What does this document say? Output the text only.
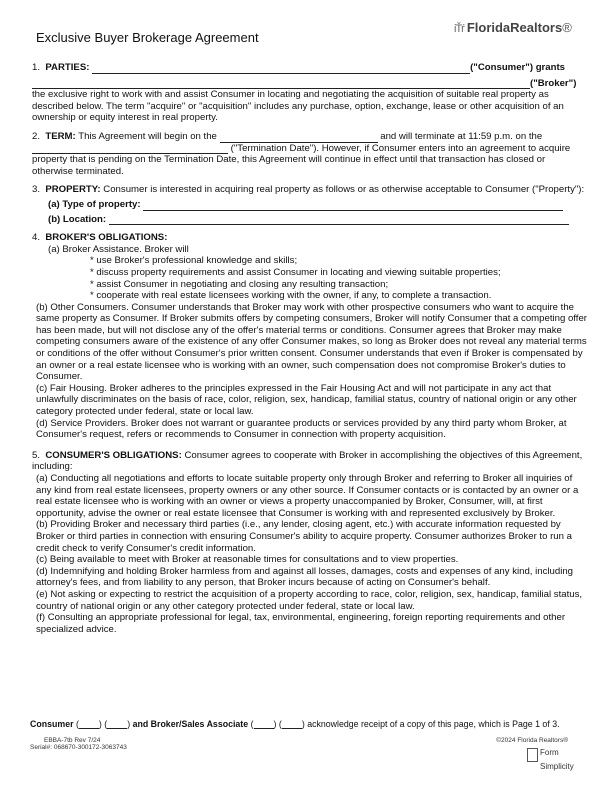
Exclusive Buyer Brokerage Agreement
iŤŕ FloridaRealtors®
1. PARTIES:	("Consumer") grants
("Broker")
the exclusive right to work with and assist Consumer in locating and negotiating the acquisition of suitable real property as described below. The term "acquire" or "acquisition" includes any purchase, option, exchange, lease or other acquisition of an ownership or equity interest in real property.
2. TERM: This Agreement will begin on the	and will terminate at 11:59 p.m. on the
("Termination Date"). However, if Consumer enters into an agreement to acquire
property that is pending on the Termination Date, this Agreement will continue in effect until that transaction has closed or otherwise terminated.
3. PROPERTY: Consumer is interested in acquiring real property as follows or as otherwise acceptable to Consumer ("Property"):
(a) Type of property:
(b) Location:
4. BROKER'S OBLIGATIONS:
(a) Broker Assistance. Broker will
* use Broker's professional knowledge and skills;
* discuss property requirements and assist Consumer in locating and viewing suitable properties;
* assist Consumer in negotiating and closing any resulting transaction;
* cooperate with real estate licensees working with the owner, if any, to complete a transaction.
(b) Other Consumers. Consumer understands that Broker may work with other prospective consumers who want to acquire the same property as Consumer. If Broker submits offers by competing consumers, Broker will notify Consumer that a competing offer has been made, but will not disclose any of the offer's material terms or conditions. Consumer agrees that Broker may make competing consumers aware of the existence of any offer Consumer makes, so long as Broker does not reveal any material terms or conditions of the offer without Consumer's prior written consent. Consumer understands that even if Broker is compensated by an owner or a real estate licensee who is working with an owner, such compensation does not compromise Broker's duties to Consumer.
(c) Fair Housing. Broker adheres to the principles expressed in the Fair Housing Act and will not participate in any act that unlawfully discriminates on the basis of race, color, religion, sex, handicap, familial status, country of national origin or any other category protected under federal, state or local law.
(d) Service Providers. Broker does not warrant or guarantee products or services provided by any third party whom Broker, at Consumer's request, refers or recommends to Consumer in connection with property acquisition.
5. CONSUMER'S OBLIGATIONS: Consumer agrees to cooperate with Broker in accomplishing the objectives of this Agreement, including:
(a) Conducting all negotiations and efforts to locate suitable property only through Broker and referring to Broker all inquiries of any kind from real estate licensees, property owners or any other source. If Consumer contacts or is contacted by an owner or a real estate licensee who is working with an owner or views a property unaccompanied by Broker, Consumer, will, at first opportunity, advise the owner or real estate licensee that Consumer is working with and represented exclusively by Broker.
(b) Providing Broker and necessary third parties (i.e., any lender, closing agent, etc.) with accurate information requested by Broker or third parties in connection with ensuring Consumer's ability to acquire property. Consumer authorizes Broker to run a credit check to verify Consumer's credit information.
(c) Being available to meet with Broker at reasonable times for consultations and to view properties.
(d) Indemnifying and holding Broker harmless from and against all losses, damages, costs and expenses of any kind, including attorney's fees, and from liability to any person, that Broker incurs because of acting on Consumer's behalf.
(e) Not asking or expecting to restrict the acquisition of a property according to race, color, religion, sex, handicap, familial status, country of national origin or any other category protected under federal, state or local law.
(f) Consulting an appropriate professional for legal, tax, environmental, engineering, foreign reporting requirements and other specialized advice.
Consumer ( ) ( ) and Broker/Sales Associate ( ) ( ) acknowledge receipt of a copy of this page, which is Page 1 of 3.
EBBA-7tb Rev 7/24	©2024 Florida Realtors®

Serial#: 068670-300172-3063743
Form
Simplicity
